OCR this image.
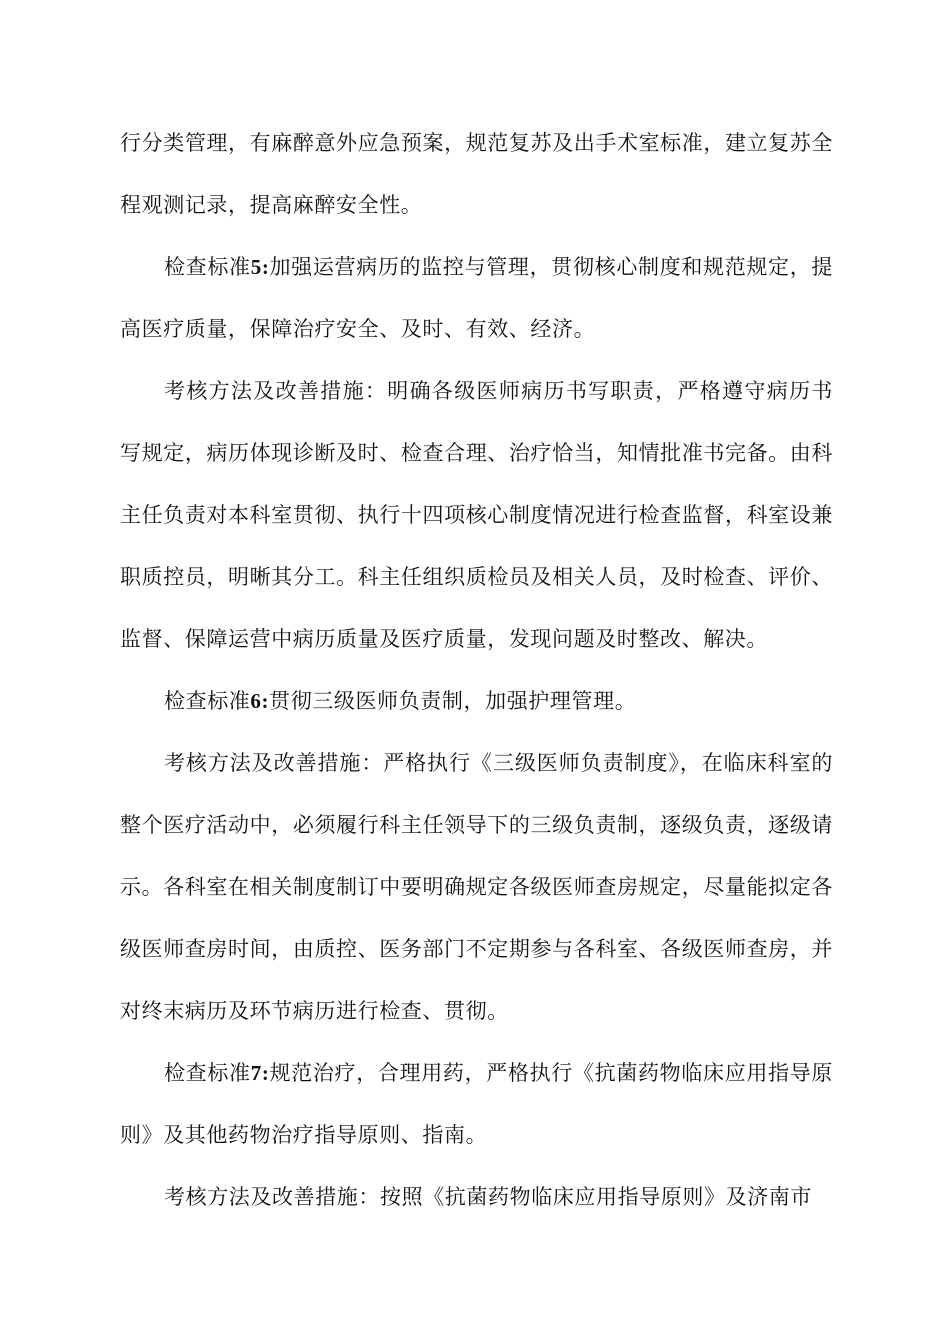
行分类管理，有麻醉意外应急预案，规范复苏及出手术室标准，建立复苏全程观测记录，提高麻醉安全性。

检查标准5:加强运营病历的监控与管理，贯彻核心制度和规范规定，提高医疗质量，保障治疗安全、及时、有效、经济。

考核方法及改善措施：明确各级医师病历书写职责，严格遵守病历书写规定，病历体现诊断及时、检查合理、治疗恰当，知情批准书完备。由科主任负责对本科室贯彻、执行十四项核心制度情况进行检查监督，科室设兼职质控员，明晰其分工。科主任组织质检员及相关人员，及时检查、评价、监督、保障运营中病历质量及医疗质量，发现问题及时整改、解决。

检查标准6:贯彻三级医师负责制，加强护理管理。

考核方法及改善措施：严格执行《三级医师负责制度》，在临床科室的整个医疗活动中，必须履行科主任领导下的三级负责制，逐级负责，逐级请示。各科室在相关制度制订中要明确规定各级医师查房规定，尽量能拟定各级医师查房时间，由质控、医务部门不定期参与各科室、各级医师查房，并对终末病历及环节病历进行检查、贯彻。

检查标准7:规范治疗，合理用药，严格执行《抗菌药物临床应用指导原则》及其他药物治疗指导原则、指南。

考核方法及改善措施：按照《抗菌药物临床应用指导原则》及济南市
